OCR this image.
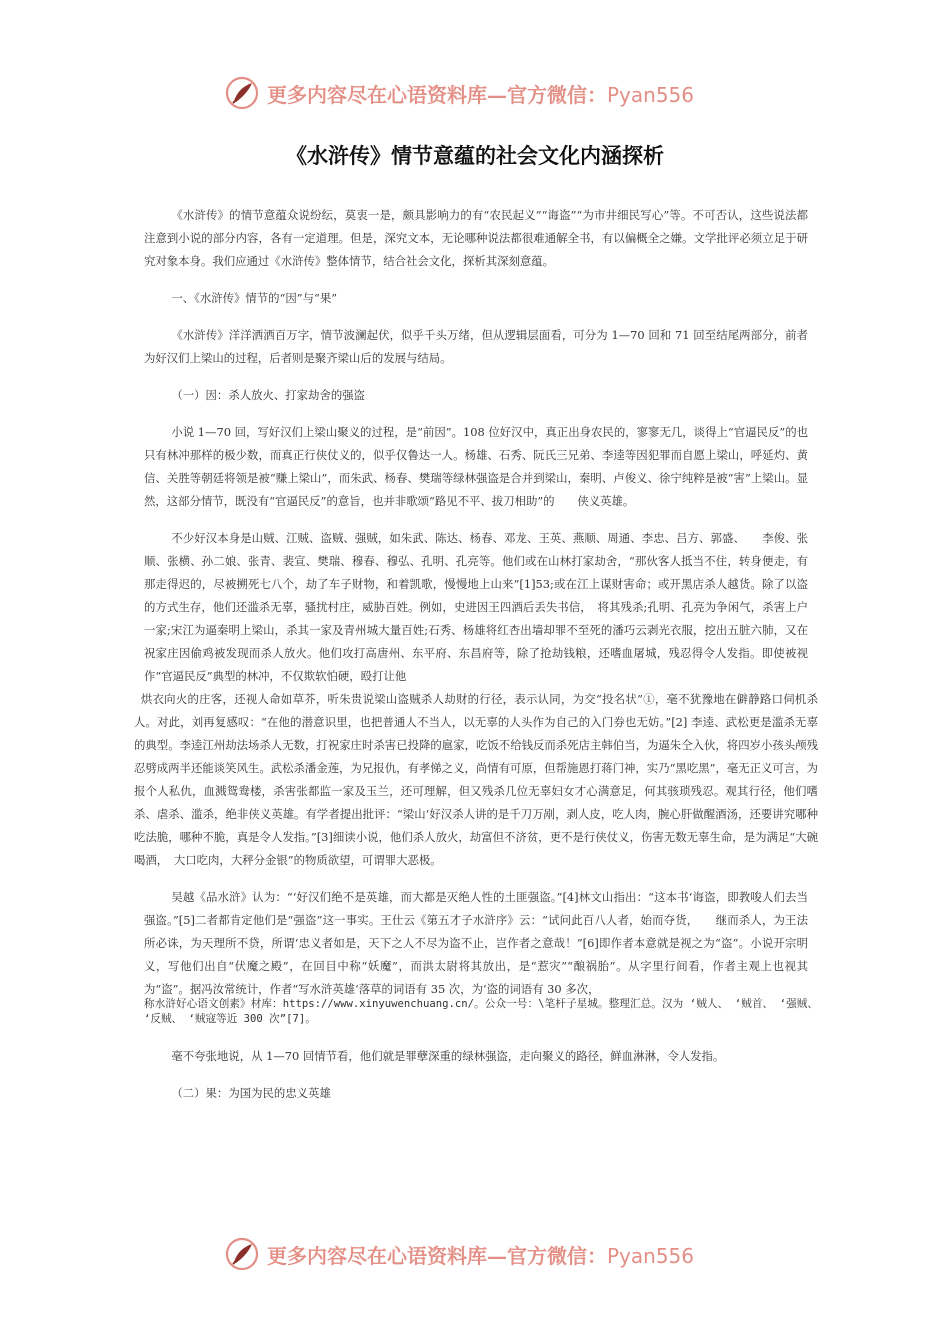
更多内容尽在心语资料库—官方微信：Pyan556
《水浒传》情节意蕴的社会文化内涵探析

《水浒传》的情节意蕴众说纷纭，莫衷一是，颇具影响力的有“农民起义”“诲盗”“为市井细民写心”等。不可否认，这些说法都注意到小说的部分内容，各有一定道理。但是，深究文本，无论哪种说法都很难通解全书，有以偏概全之嫌。文学批评必须立足于研究对象本身。我们应通过《水浒传》整体情节，结合社会文化，探析其深刻意蕴。

一、《水浒传》情节的“因”与“果”

《水浒传》洋洋洒洒百万字，情节波澜起伏，似乎千头万绪，但从逻辑层面看，可分为 1—70 回和 71 回至结尾两部分，前者为好汉们上梁山的过程，后者则是聚齐梁山后的发展与结局。

（一）因：杀人放火、打家劫舍的强盗

小说 1—70 回，写好汉们上梁山聚义的过程，是“前因”。108 位好汉中，真正出身农民的，寥寥无几，谈得上“官逼民反”的也只有林冲那样的极少数，而真正行侠仗义的，似乎仅鲁达一人。杨雄、石秀、阮氏三兄弟、李逵等因犯罪而自愿上梁山，呼延灼、黄信、关胜等朝廷将领是被“赚上梁山”，而朱武、杨春、樊瑞等绿林强盗是合并到梁山，秦明、卢俊义、徐宁纯粹是被“害”上梁山。显然，这部分情节，既没有“官逼民反”的意旨，也并非歌颂“路见不平、拔刀相助”的　　侠义英雄。

不少好汉本身是山贼、江贼、盗贼、强贼，如朱武、陈达、杨春、邓龙、王英、燕顺、周通、李忠、吕方、郭盛、　　李俊、张顺、张横、孙二娘、张青、裴宣、樊瑞、穆春、穆弘、孔明、孔亮等。他们或在山林打家劫舍，“那伙客人抵当不住，转身便走，有那走得迟的，尽被搠死七八个，劫了车子财物，和着凯歌，慢慢地上山来”[1]53;或在江上谋财害命；或开黑店杀人越货。除了以盗的方式生存，他们还滥杀无辜，骚扰村庄，威胁百姓。例如，史进因王四酒后丢失书信，　将其残杀;孔明、孔亮为争闲气，杀害上户一家;宋江为逼秦明上梁山，杀其一家及青州城大量百姓;石秀、杨雄将红杏出墙却罪不至死的潘巧云剥光衣服，挖出五脏六肺，又在祝家庄因偷鸡被发现而杀人放火。他们攻打高唐州、东平府、东昌府等，除了抢劫钱粮，还嗜血屠城，残忍得令人发指。即使被视作“官逼民反”典型的林冲，不仅欺软怕硬，殴打让他

烘衣向火的庄客，还视人命如草芥，听朱贵说梁山盗贼杀人劫财的行径，表示认同，为交“投名状”①，毫不犹豫地在僻静路口伺机杀人。对此，刘再复感叹：“在他的潜意识里，也把普通人不当人，以无辜的人头作为自己的入门券也无妨。”[2] 李逵、武松更是滥杀无辜的典型。李逵江州劫法场杀人无数，打祝家庄时杀害已投降的扈家，吃饭不给钱反而杀死店主韩伯当，为逼朱仝入伙，将四岁小孩头颅残忍劈成两半还能谈笑风生。武松杀潘金莲，为兄报仇，有孝悌之义，尚情有可原，但帮施恩打蒋门神，实乃“黑吃黑”，毫无正义可言，为报个人私仇，血溅鸳鸯楼，杀害张都监一家及玉兰，还可理解，但又残杀几位无辜妇女才心满意足，何其骇琐残忍。观其行径，他们嗜杀、虐杀、滥杀，绝非侠义英雄。有学者提出批评：“梁山‘好汉杀人讲的是千刀万剐，剥人皮，吃人肉，腕心肝做醒酒汤，还要讲究哪种吃法脆，哪种不脆，真是令人发指。”[3]细读小说，他们杀人放火，劫富但不济贫，更不是行侠仗义，伤害无数无辜生命，是为满足“大碗喝酒，　大口吃肉，大秤分金银”的物质欲望，可谓罪大恶极。

吴越《品水浒》认为：“‘好汉们绝不是英雄，而大都是灭绝人性的土匪强盗。”[4]林文山指出：“这本书‘诲盗，即教唆人们去当强盗。”[5]二者都肯定他们是“强盗”这一事实。王仕云《第五才子水浒序》云：“试问此百八人者，始而夺货，　　继而杀人，为王法所必诛，为天理所不贷，所谓‘忠义者如是，天下之人不尽为盗不止，岂作者之意哉！”[6]即作者本意就是视之为“盗”。小说开宗明义，写他们出自“伏魔之殿”，在回目中称“妖魔”，而洪太尉将其放出，是“惹灾”“酿祸胎”。从字里行间看，作者主观上也视其为“盗”。据冯汝常统计，作者“写水浒英雄‘落草的词语有 35 次，为‘盗的词语有 30 多次，

称水浒好心语文创素》材库：https://www.xinyuwenchuang.cn/。公众一号：\笔杆子星城。整理汇总。汉为 ‘贼人、 ‘贼首、 ‘强贼、 ‘反贼、 ‘贼寇等近 300 次”[7]。

毫不夸张地说，从 1—70 回情节看，他们就是罪孽深重的绿林强盗，走向聚义的路径，鲜血淋淋，令人发指。

（二）果：为国为民的忠义英雄

更多内容尽在心语资料库—官方微信：Pyan556
